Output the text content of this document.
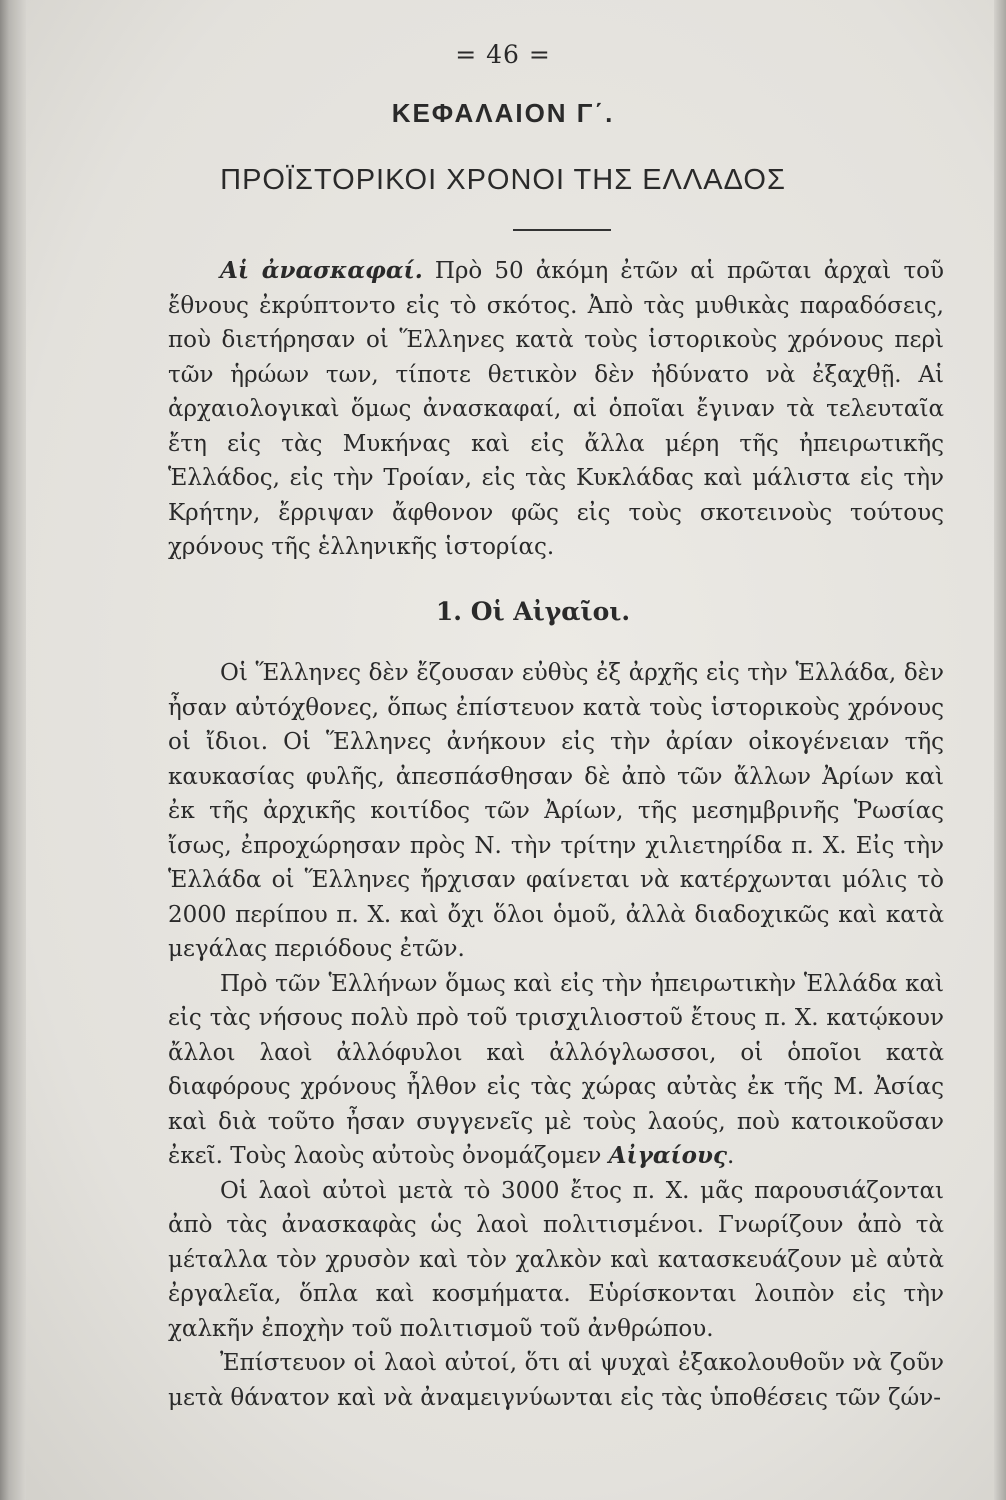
= 46 =
ΚΕΦΑΛΑΙΟΝ Γ΄.
ΠΡΟΪΣΤΟΡΙΚΟΙ ΧΡΟΝΟΙ ΤΗΣ ΕΛΛΑΔΟΣ

Αἱ ἀνασκαφαί. Πρὸ 50 ἀκόμη ἐτῶν αἱ πρῶται ἀρχαὶ τοῦ ἔθνους ἐκρύπτοντο εἰς τὸ σκότος. Ἀπὸ τὰς μυθικὰς παραδόσεις, ποὺ διετήρησαν οἱ Ἕλληνες κατὰ τοὺς ἱστορικοὺς χρόνους περὶ τῶν ἡρώων των, τίποτε θετικὸν δὲν ἠδύνατο νὰ ἐξαχθῇ. Αἱ ἀρχαιολογικαὶ ὅμως ἀνασκαφαί, αἱ ὁποῖαι ἔγιναν τὰ τελευταῖα ἔτη εἰς τὰς Μυκήνας καὶ εἰς ἄλλα μέρη τῆς ἠπειρωτικῆς Ἑλλάδος, εἰς τὴν Τροίαν, εἰς τὰς Κυκλάδας καὶ μάλιστα εἰς τὴν Κρήτην, ἔρριψαν ἄφθονον φῶς εἰς τοὺς σκοτεινοὺς τούτους χρόνους τῆς ἑλληνικῆς ἱστορίας.

1. Οἱ Αἰγαῖοι.

Οἱ Ἕλληνες δὲν ἔζουσαν εὐθὺς ἐξ ἀρχῆς εἰς τὴν Ἑλλάδα, δὲν ἦσαν αὐτόχθονες, ὅπως ἐπίστευον κατὰ τοὺς ἱστορικοὺς χρόνους οἱ ἴδιοι. Οἱ Ἕλληνες ἀνήκουν εἰς τὴν ἀρίαν οἰκογένειαν τῆς καυκασίας φυλῆς, ἀπεσπάσθησαν δὲ ἀπὸ τῶν ἄλλων Ἀρίων καὶ ἐκ τῆς ἀρχικῆς κοιτίδος τῶν Ἀρίων, τῆς μεσημβρινῆς Ῥωσίας ἴσως, ἐπροχώρησαν πρὸς Ν. τὴν τρίτην χιλιετηρίδα π. Χ. Εἰς τὴν Ἑλλάδα οἱ Ἕλληνες ἤρχισαν φαίνεται νὰ κατέρχωνται μόλις τὸ 2000 περίπου π. Χ. καὶ ὄχι ὅλοι ὁμοῦ, ἀλλὰ διαδοχικῶς καὶ κατὰ μεγάλας περιόδους ἐτῶν.

Πρὸ τῶν Ἑλλήνων ὅμως καὶ εἰς τὴν ἠπειρωτικὴν Ἑλλάδα καὶ εἰς τὰς νήσους πολὺ πρὸ τοῦ τρισχιλιοστοῦ ἔτους π. Χ. κατῴκουν ἄλλοι λαοὶ ἀλλόφυλοι καὶ ἀλλόγλωσσοι, οἱ ὁποῖοι κατὰ διαφόρους χρόνους ἦλθον εἰς τὰς χώρας αὐτὰς ἐκ τῆς Μ. Ἀσίας καὶ διὰ τοῦτο ἦσαν συγγενεῖς μὲ τοὺς λαούς, ποὺ κατοικοῦσαν ἐκεῖ. Τοὺς λαοὺς αὐτοὺς ὀνομάζομεν Αἰγαίους.

Οἱ λαοὶ αὐτοὶ μετὰ τὸ 3000 ἔτος π. Χ. μᾶς παρουσιάζονται ἀπὸ τὰς ἀνασκαφὰς ὡς λαοὶ πολιτισμένοι. Γνωρίζουν ἀπὸ τὰ μέταλλα τὸν χρυσὸν καὶ τὸν χαλκὸν καὶ κατασκευάζουν μὲ αὐτὰ ἐργαλεῖα, ὅπλα καὶ κοσμήματα. Εὑρίσκονται λοιπὸν εἰς τὴν χαλκῆν ἐποχὴν τοῦ πολιτισμοῦ τοῦ ἀνθρώπου.

Ἐπίστευον οἱ λαοὶ αὐτοί, ὅτι αἱ ψυχαὶ ἐξακολουθοῦν νὰ ζοῦν μετὰ θάνατον καὶ νὰ ἀναμειγνύωνται εἰς τὰς ὑποθέσεις τῶν ζών-
